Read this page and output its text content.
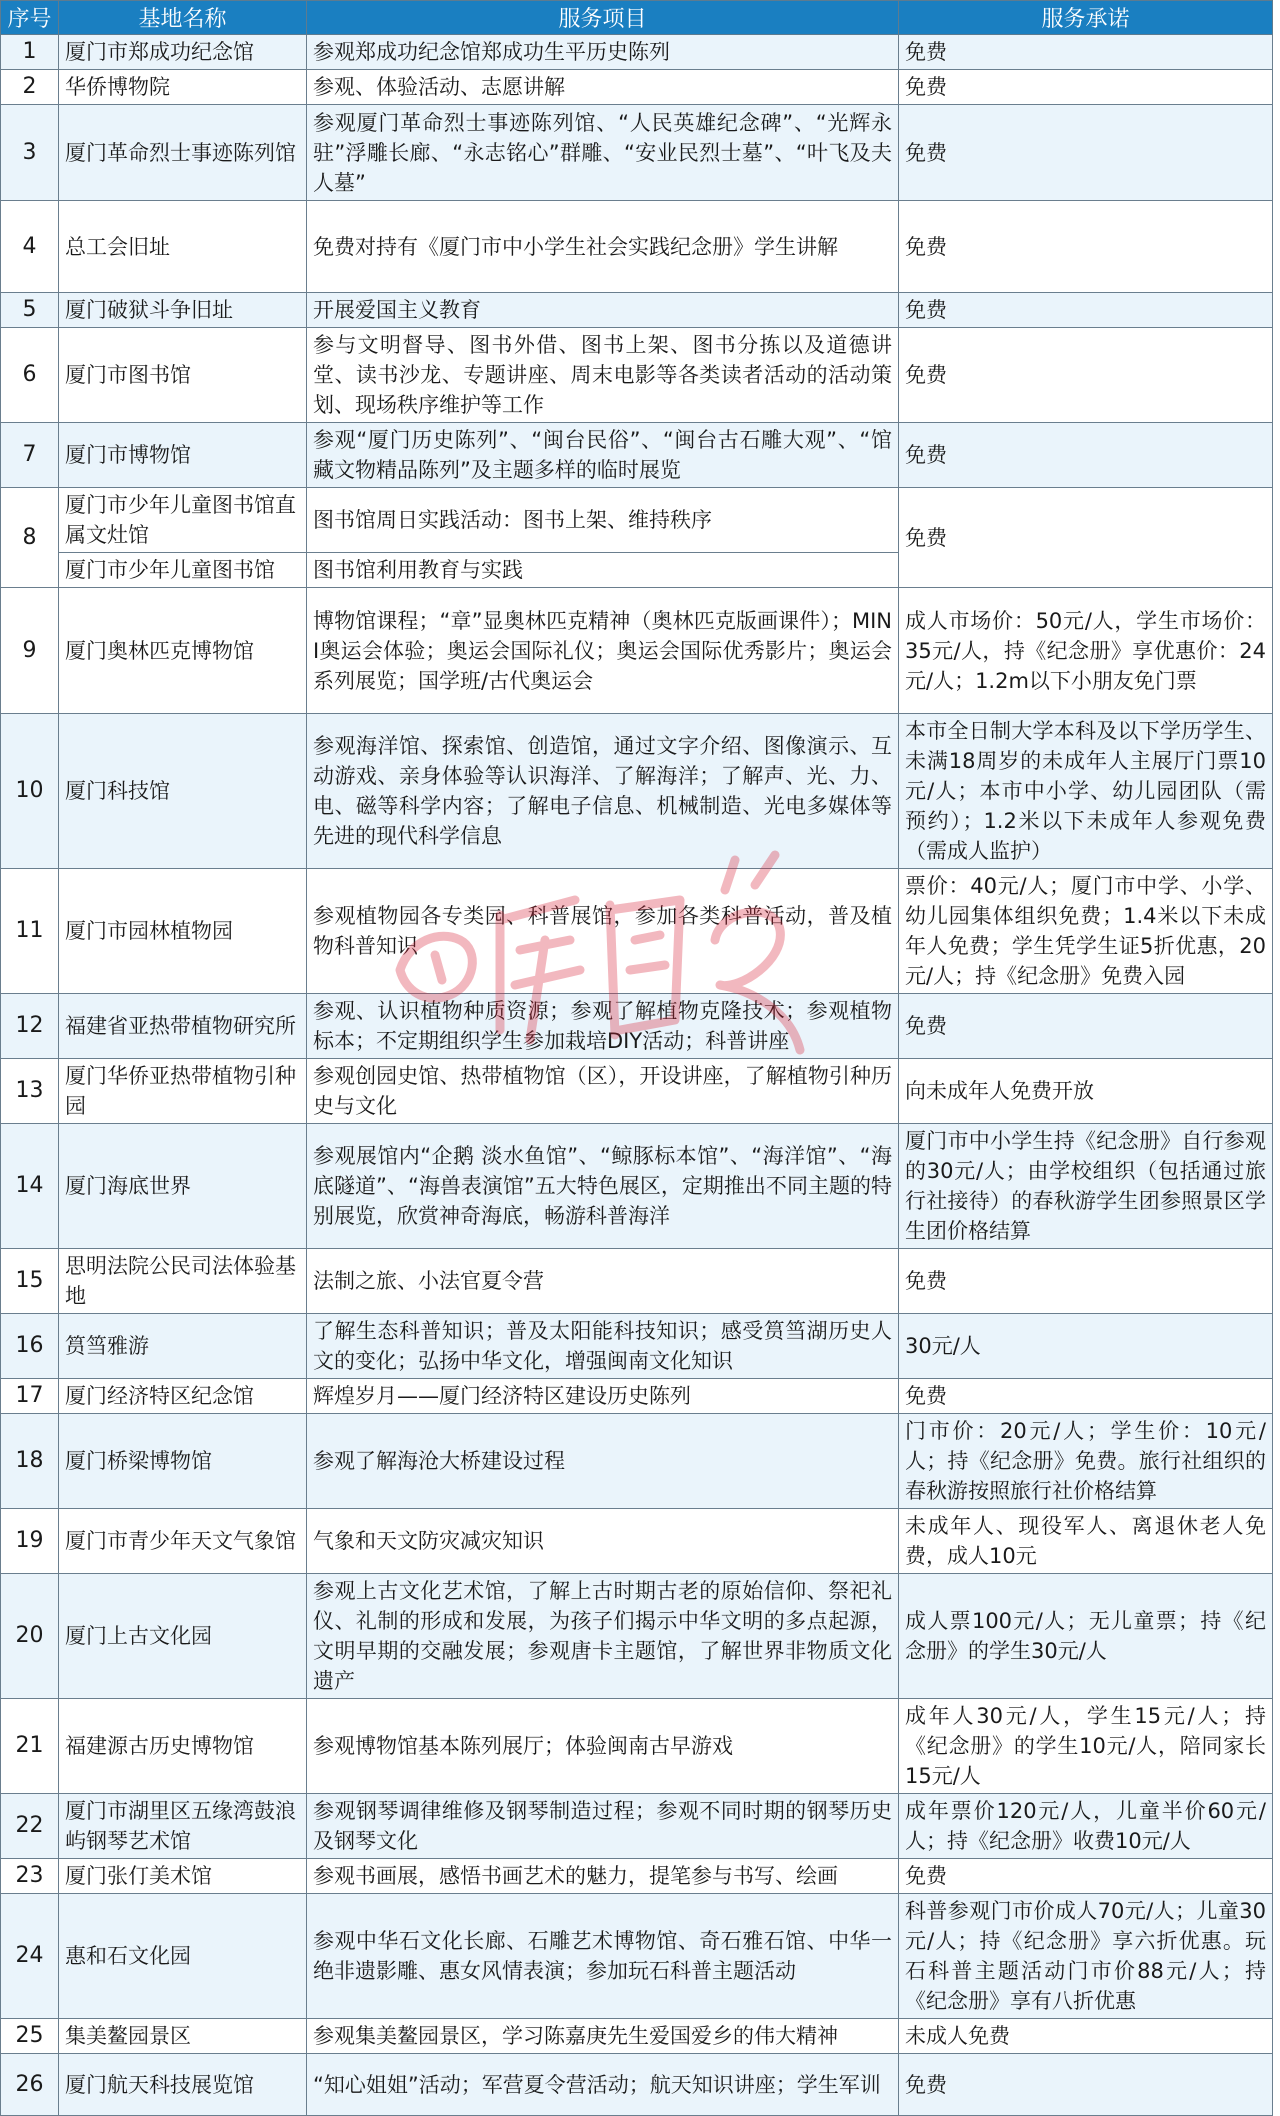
序号	基地名称	服务项目	服务承诺
1	厦门市郑成功纪念馆	参观郑成功纪念馆郑成功生平历史陈列	免费
2	华侨博物院	参观、体验活动、志愿讲解	免费
3	厦门革命烈士事迹陈列馆	参观厦门革命烈士事迹陈列馆、“人民英雄纪念碑”、“光辉永驻”浮雕长廊、“永志铭心”群雕、“安业民烈士墓”、“叶飞及夫人墓”	免费
4	总工会旧址	免费对持有《厦门市中小学生社会实践纪念册》学生讲解	免费
5	厦门破狱斗争旧址	开展爱国主义教育	免费
6	厦门市图书馆	参与文明督导、图书外借、图书上架、图书分拣以及道德讲堂、读书沙龙、专题讲座、周末电影等各类读者活动的活动策划、现场秩序维护等工作	免费
7	厦门市博物馆	参观“厦门历史陈列”、“闽台民俗”、“闽台古石雕大观”、“馆藏文物精品陈列”及主题多样的临时展览	免费
8	厦门市少年儿童图书馆直属文灶馆	图书馆周日实践活动：图书上架、维持秩序	免费
	厦门市少年儿童图书馆	图书馆利用教育与实践	
9	厦门奥林匹克博物馆	博物馆课程；“章”显奥林匹克精神（奥林匹克版画课件）；MINI奥运会体验；奥运会国际礼仪；奥运会国际优秀影片；奥运会系列展览；国学班/古代奥运会	成人市场价：50元/人，学生市场价：35元/人，持《纪念册》享优惠价：24元/人；1.2m以下小朋友免门票
10	厦门科技馆	参观海洋馆、探索馆、创造馆，通过文字介绍、图像演示、互动游戏、亲身体验等认识海洋、了解海洋；了解声、光、力、电、磁等科学内容；了解电子信息、机械制造、光电多媒体等先进的现代科学信息	本市全日制大学本科及以下学历学生、未满18周岁的未成年人主展厅门票10元/人；本市中小学、幼儿园团队（需预约）；1.2米以下未成年人参观免费（需成人监护）
11	厦门市园林植物园	参观植物园各专类园、科普展馆，参加各类科普活动，普及植物科普知识	票价：40元/人；厦门市中学、小学、幼儿园集体组织免费；1.4米以下未成年人免费；学生凭学生证5折优惠，20元/人；持《纪念册》免费入园
12	福建省亚热带植物研究所	参观、认识植物种质资源；参观了解植物克隆技术；参观植物标本；不定期组织学生参加栽培DIY活动；科普讲座	免费
13	厦门华侨亚热带植物引种园	参观创园史馆、热带植物馆（区），开设讲座，了解植物引种历史与文化	向未成年人免费开放
14	厦门海底世界	参观展馆内“企鹅 淡水鱼馆”、“鲸豚标本馆”、“海洋馆”、“海底隧道”、“海兽表演馆”五大特色展区，定期推出不同主题的特别展览，欣赏神奇海底，畅游科普海洋	厦门市中小学生持《纪念册》自行参观的30元/人；由学校组织（包括通过旅行社接待）的春秋游学生团参照景区学生团价格结算
15	思明法院公民司法体验基地	法制之旅、小法官夏令营	免费
16	筼筜雅游	了解生态科普知识；普及太阳能科技知识；感受筼筜湖历史人文的变化；弘扬中华文化，增强闽南文化知识	30元/人
17	厦门经济特区纪念馆	辉煌岁月——厦门经济特区建设历史陈列	免费
18	厦门桥梁博物馆	参观了解海沧大桥建设过程	门市价：20元/人；学生价：10元/人；持《纪念册》免费。旅行社组织的春秋游按照旅行社价格结算
19	厦门市青少年天文气象馆	气象和天文防灾减灾知识	未成年人、现役军人、离退休老人免费，成人10元
20	厦门上古文化园	参观上古文化艺术馆，了解上古时期古老的原始信仰、祭祀礼仪、礼制的形成和发展，为孩子们揭示中华文明的多点起源，文明早期的交融发展；参观唐卡主题馆，了解世界非物质文化遗产	成人票100元/人；无儿童票；持《纪念册》的学生30元/人
21	福建源古历史博物馆	参观博物馆基本陈列展厅；体验闽南古早游戏	成年人30元/人，学生15元/人；持《纪念册》的学生10元/人，陪同家长15元/人
22	厦门市湖里区五缘湾鼓浪屿钢琴艺术馆	参观钢琴调律维修及钢琴制造过程；参观不同时期的钢琴历史及钢琴文化	成年票价120元/人，儿童半价60元/人；持《纪念册》收费10元/人
23	厦门张仃美术馆	参观书画展，感悟书画艺术的魅力，提笔参与书写、绘画	免费
24	惠和石文化园	参观中华石文化长廊、石雕艺术博物馆、奇石雅石馆、中华一绝非遗影雕、惠女风情表演；参加玩石科普主题活动	科普参观门市价成人70元/人；儿童30元/人；持《纪念册》享六折优惠。玩石科普主题活动门市价88元/人；持《纪念册》享有八折优惠
25	集美鳌园景区	参观集美鳌园景区，学习陈嘉庚先生爱国爱乡的伟大精神	未成人免费
26	厦门航天科技展览馆	“知心姐姐”活动；军营夏令营活动；航天知识讲座；学生军训	免费
